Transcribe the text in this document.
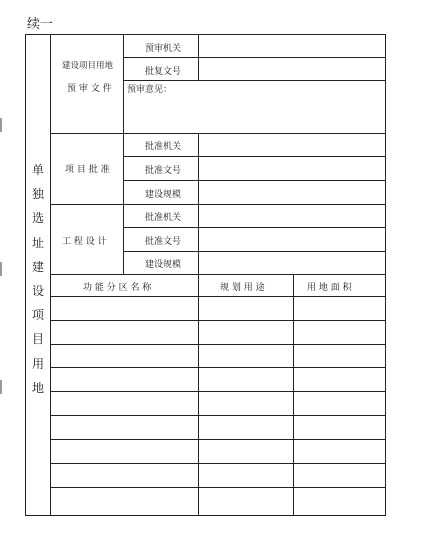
续一
建设项目用地
预 审 文 件
预审机关
批复文号
预审意见：
项 目 批 准
批准机关
批准文号
建设规模
工 程 设 计
批准机关
批准文号
建设规模
功 能 分 区 名 称	规 划 用 途	用 地 面 积
单
独
选
址
建
设
项
目
用
地
